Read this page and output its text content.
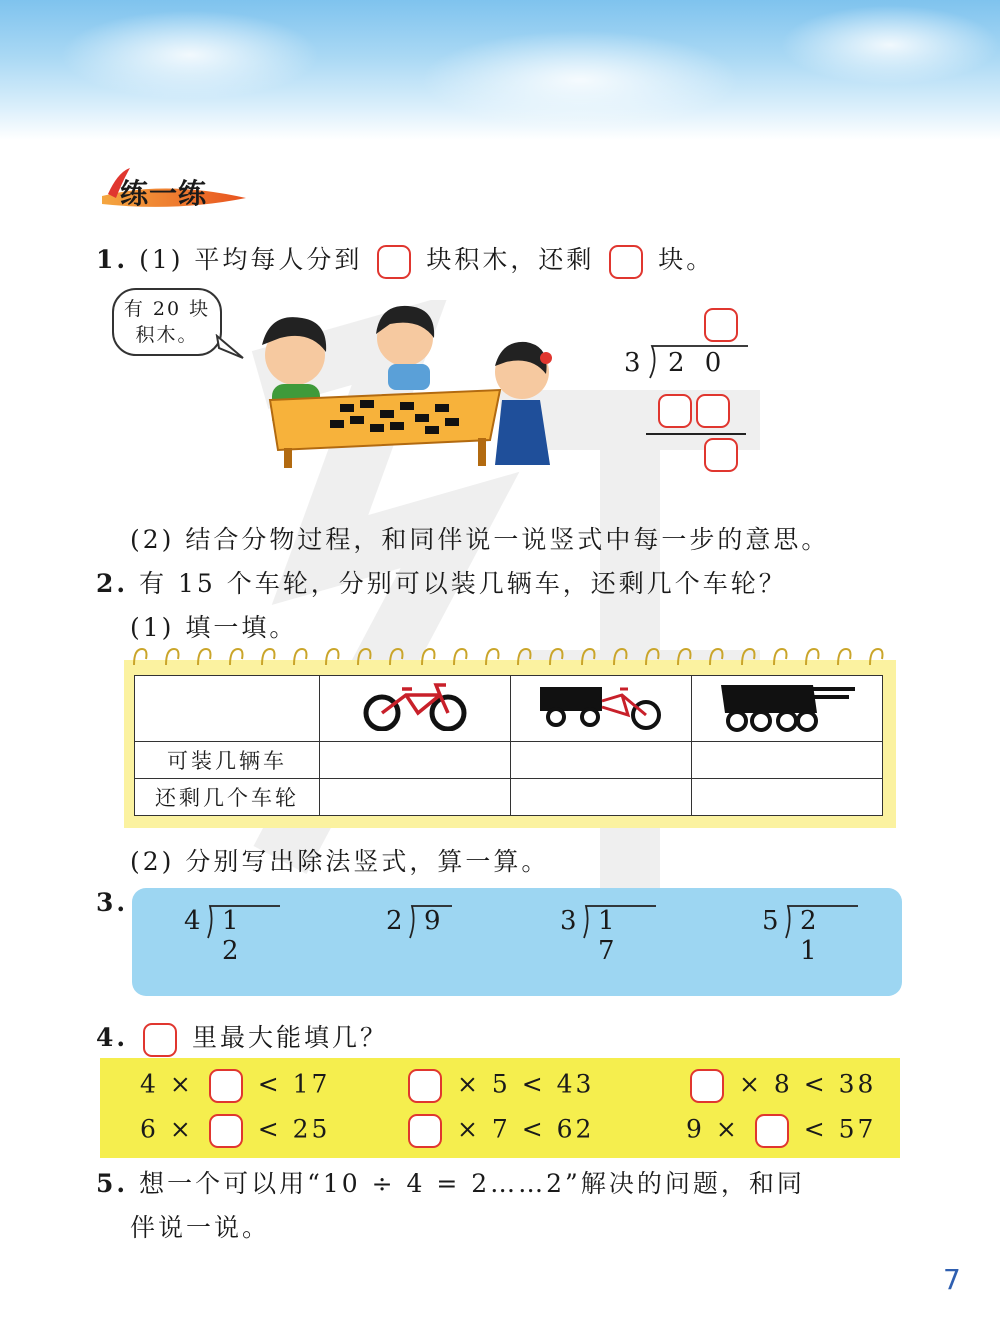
练一练
1. (1) 平均每人分到	块积木，还剩	块。
有 20 块
积木。
3 2 0
(2) 结合分物过程，和同伴说一说竖式中每一步的意思。
2. 有 15 个车轮，分别可以装几辆车，还剩几个车轮？
(1) 填一填。

可装几辆车			
还剩几个车轮			
(2) 分别写出除法竖式，算一算。
3.
4 1 2
2 9	3 1 7
5 2 1
4.	里最大能填几？
4 ×	< 17	× 5 < 43	× 8 < 38
6 ×	< 25	× 7 < 62	9 ×	< 57
5. 想一个可以用“10 ÷ 4 = 2……2”解决的问题，和同
伴说一说。
7
